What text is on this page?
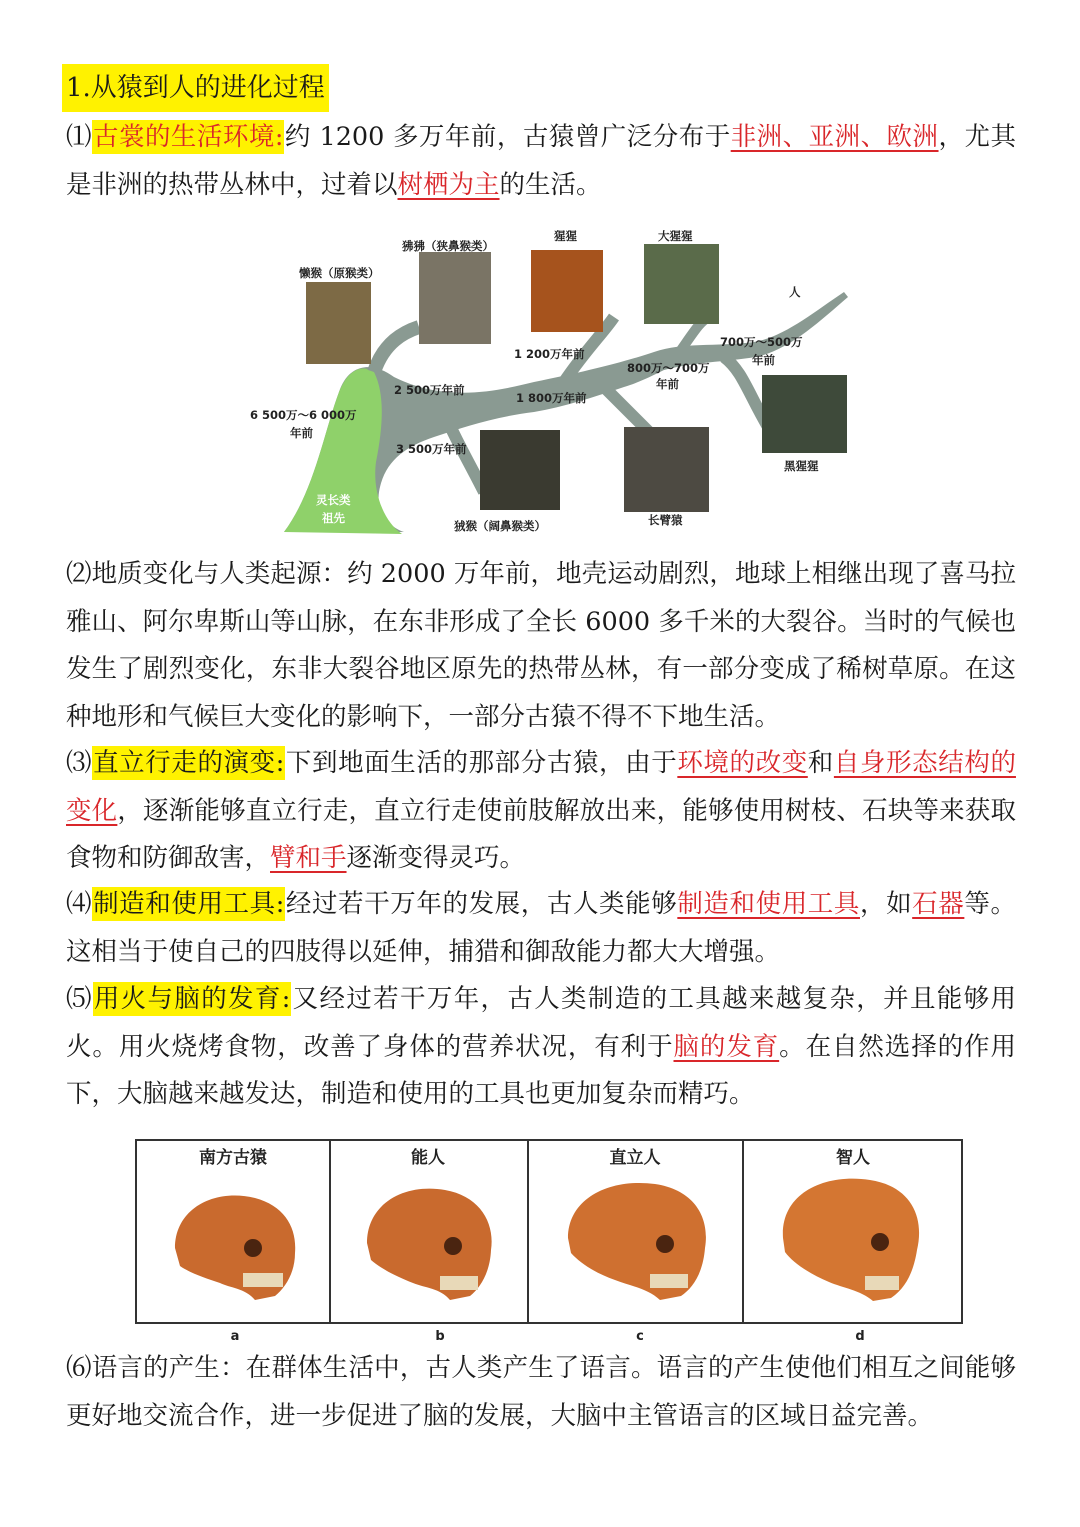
1.从猿到人的进化过程
⑴古裳的生活环境:约 1200 多万年前，古猿曾广泛分布于非洲、亚洲、欧洲，尤其是非洲的热带丛林中，过着以树栖为主的生活。
懒猴（原猴类）
狒狒（狭鼻猴类）
猩猩	大猩猩
人
6 500万～6 000万
年前
2 500万年前
1 200万年前
1 800万年前
800万～700万
年前
700万～500万
年前
3 500万年前
灵长类
祖先
狨猴（阔鼻猴类）	长臂猿
黑猩猩
⑵地质变化与人类起源：约 2000 万年前，地壳运动剧烈，地球上相继出现了喜马拉雅山、阿尔卑斯山等山脉，在东非形成了全长 6000 多千米的大裂谷。当时的气候也发生了剧烈变化，东非大裂谷地区原先的热带丛林，有一部分变成了稀树草原。在这种地形和气候巨大变化的影响下，一部分古猿不得不下地生活。
⑶直立行走的演变:下到地面生活的那部分古猿，由于环境的改变和自身形态结构的变化，逐渐能够直立行走，直立行走使前肢解放出来，能够使用树枝、石块等来获取食物和防御敌害，臂和手逐渐变得灵巧。
⑷制造和使用工具:经过若干万年的发展，古人类能够制造和使用工具，如石器等。这相当于使自己的四肢得以延伸，捕猎和御敌能力都大大增强。
⑸用火与脑的发育:又经过若干万年，古人类制造的工具越来越复杂，并且能够用火。用火烧烤食物，改善了身体的营养状况，有利于脑的发育。在自然选择的作用下，大脑越来越发达，制造和使用的工具也更加复杂而精巧。
南方古猿	能人	直立人	智人
a	b	c	d
⑹语言的产生：在群体生活中，古人类产生了语言。语言的产生使他们相互之间能够更好地交流合作，进一步促进了脑的发展，大脑中主管语言的区域日益完善。
